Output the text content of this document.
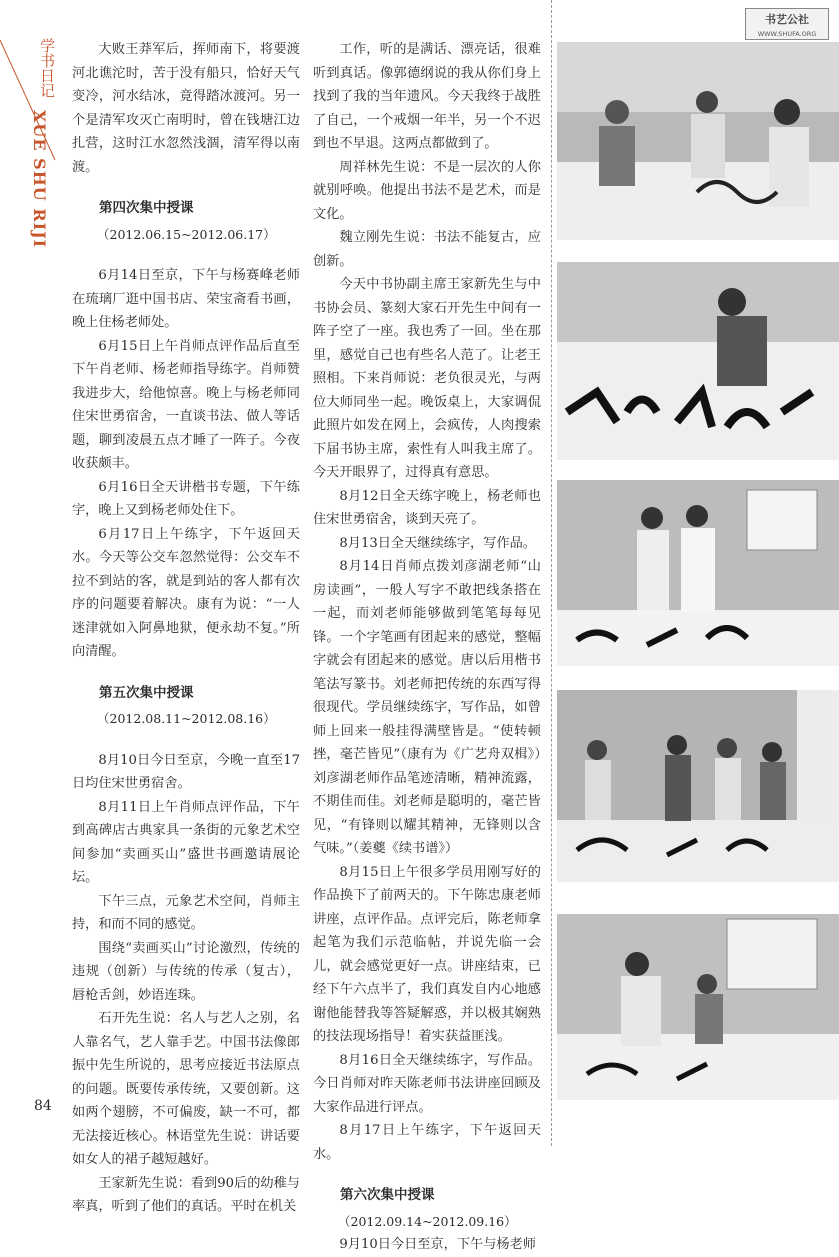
学书日记
XUE SHU RIJI
书艺公社
WWW.SHUFA.ORG

大败王莽军后，挥师南下，将要渡河北谯沱时，苦于没有船只，恰好天气变冷，河水结冰，竟得踏冰渡河。另一个是清军攻灭亡南明时，曾在钱塘江边扎营，这时江水忽然浅涸，清军得以南渡。

第四次集中授课

（2012.06.15~2012.06.17）

6月14日至京，下午与杨赛峰老师在琉璃厂逛中国书店、荣宝斋看书画，晚上住杨老师处。

6月15日上午肖师点评作品后直至下午肖老师、杨老师指导练字。肖师赞我进步大，给他惊喜。晚上与杨老师同住宋世勇宿舍，一直谈书法、做人等话题，聊到凌晨五点才睡了一阵子。今夜收获颇丰。

6月16日全天讲楷书专题，下午练字，晚上又到杨老师处住下。

6月17日上午练字，下午返回天水。今天等公交车忽然觉得：公交车不拉不到站的客，就是到站的客人都有次序的问题要着解决。康有为说：“一人迷津就如入阿鼻地狱，便永劫不复。”所向清醒。

第五次集中授课

（2012.08.11~2012.08.16）

8月10日今日至京，今晚一直至17日均住宋世勇宿舍。

8月11日上午肖师点评作品，下午到高碑店古典家具一条街的元象艺术空间参加“卖画买山”盛世书画邀请展论坛。

下午三点，元象艺术空间，肖师主持，和而不同的感觉。

围绕“卖画买山”讨论激烈，传统的违规（创新）与传统的传承（复古），唇枪舌剑，妙语连珠。

石开先生说：名人与艺人之别，名人靠名气，艺人靠手艺。中国书法像郎振中先生所说的，思考应接近书法原点的问题。既要传承传统，又要创新。这如两个翅膀，不可偏废，缺一不可，都无法接近核心。林语堂先生说：讲话要如女人的裙子越短越好。

王家新先生说：看到90后的幼稚与率真，听到了他们的真话。平时在机关

工作，听的是满话、漂亮话，很难听到真话。像郭德纲说的我从你们身上找到了我的当年遗风。今天我终于战胜了自己，一个戒烟一年半，另一个不迟到也不早退。这两点都做到了。

周祥林先生说：不是一层次的人你就别呼唤。他提出书法不是艺术，而是文化。

魏立刚先生说：书法不能复古，应创新。

今天中书协副主席王家新先生与中书协会员、篆刻大家石开先生中间有一阵子空了一座。我也秀了一回。坐在那里，感觉自己也有些名人范了。让老王照相。下来肖师说：老负很灵光，与两位大师同坐一起。晚饭桌上，大家调侃此照片如发在网上，会疯传，人肉搜索下届书协主席，索性有人叫我主席了。今天开眼界了，过得真有意思。

8月12日全天练字晚上，杨老师也住宋世勇宿舍，谈到天亮了。

8月13日全天继续练字，写作品。

8月14日肖师点拨刘彦湖老师“山房读画”，一般人写字不敢把线条搭在一起，而刘老师能够做到笔笔每每见锋。一个字笔画有团起来的感觉，整幅字就会有团起来的感觉。唐以后用楷书笔法写篆书。刘老师把传统的东西写得很现代。学员继续练字，写作品，如曾师上回来一般挂得满壁皆是。“使转顿挫，毫芒皆见”（康有为《广艺舟双楫》）刘彦湖老师作品笔迹清晰，精神流露，不期佳而佳。刘老师是聪明的，毫芒皆见，“有锋则以耀其精神，无锋则以含气味。”（姜夔《续书谱》）

8月15日上午很多学员用刚写好的作品换下了前两天的。下午陈忠康老师讲座，点评作品。点评完后，陈老师拿起笔为我们示范临帖，并说先临一会儿，就会感觉更好一点。讲座结束，已经下午六点半了，我们真发自内心地感谢他能替我等答疑解惑，并以极其娴熟的技法现场指导！着实获益匪浅。

8月16日全天继续练字，写作品。今日肖师对昨天陈老师书法讲座回顾及大家作品进行评点。

8月17日上午练字，下午返回天水。

第六次集中授课

（2012.09.14~2012.09.16）

9月10日今日至京，下午与杨老师

84
